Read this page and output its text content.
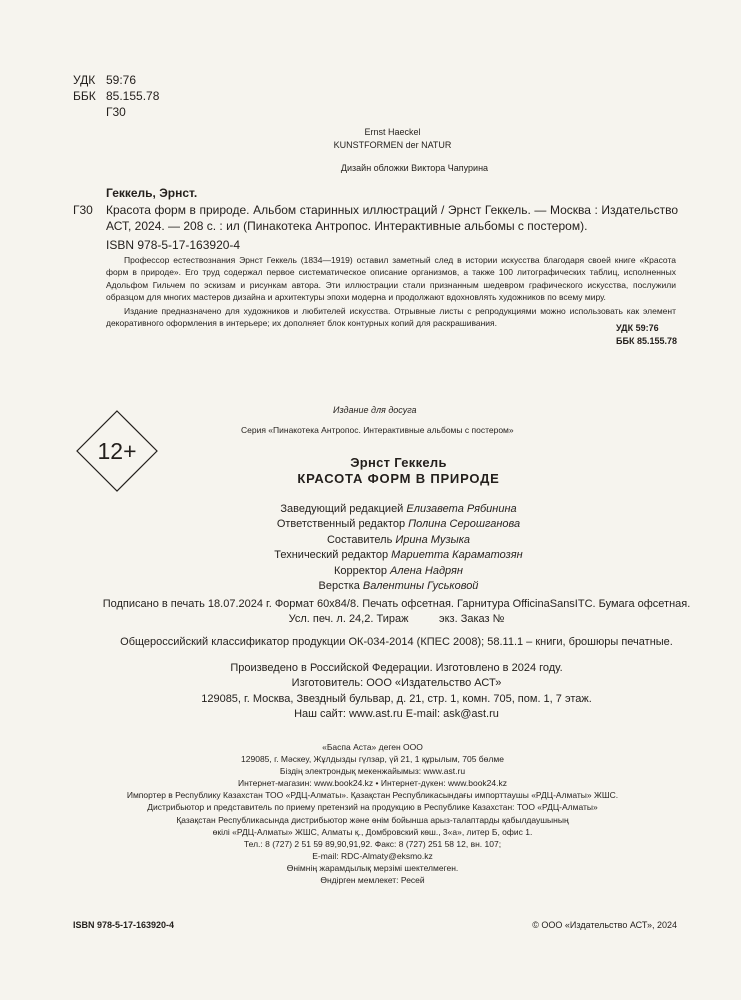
УДК 59:76
ББК 85.155.78
Г30
Ernst Haeckel
KUNSTFORMEN der NATUR
Дизайн обложки Виктора Чапурина
Геккель, Эрнст.
Г30	Красота форм в природе. Альбом старинных иллюстраций / Эрнст Геккель. — Москва : Издательство АСТ, 2024. — 208 с. : ил (Пинакотека Антропос. Интерактивные альбомы с постером).
ISBN 978-5-17-163920-4

Профессор естествознания Эрнст Геккель (1834—1919) оставил заметный след в истории искусства благодаря своей книге «Красота форм в природе». Его труд содержал первое систематическое описание организмов, а также 100 литографических таблиц, исполненных Адольфом Гильчем по эскизам и рисункам автора. Эти иллюстрации стали признанным шедевром графического искусства, послужили образцом для многих мастеров дизайна и архитектуры эпохи модерна и продолжают вдохновлять художников по всему миру.

Издание предназначено для художников и любителей искусства. Отрывные листы с репродукциями можно использовать как элемент декоративного оформления в интерьере; их дополняет блок контурных копий для раскрашивания.	УДК 59:76
ББК 85.155.78
12+
Издание для досуга
Серия «Пинакотека Антропос. Интерактивные альбомы с постером»
Эрнст Геккель
КРАСОТА ФОРМ В ПРИРОДЕ
Заведующий редакцией Елизавета Рябинина
Ответственный редактор Полина Серошганова
Составитель Ирина Музыка
Технический редактор Мариетта Караматозян
Корректор Алена Надрян
Верстка Валентины Гуськовой
Подписано в печать 18.07.2024 г. Формат 60х84/8. Печать офсетная. Гарнитура OfficinaSansITC. Бумага офсетная.
Усл. печ. л. 24,2. Тираж          экз. Заказ №
Общероссийский классификатор продукции ОК-034-2014 (КПЕС 2008); 58.11.1 – книги, брошюры печатные.
Произведено в Российской Федерации. Изготовлено в 2024 году.
Изготовитель: ООО «Издательство АСТ»
129085, г. Москва, Звездный бульвар, д. 21, стр. 1, комн. 705, пом. 1, 7 этаж.
Наш сайт: www.ast.ru E-mail: ask@ast.ru
«Баспа Аста» деген ООО
129085, г. Мәскеу, Жұлдызды гүлзар, үй 21, 1 құрылым, 705 бөлме
Біздің электрондық мекенжайымыз: www.ast.ru
Интернет-магазин: www.book24.kz • Интернет-дүкен: www.book24.kz
Импортер в Республику Казахстан ТОО «РДЦ-Алматы». Қазақстан Республикасындағы импорттаушы «РДЦ-Алматы» ЖШС.
Дистрибьютор и представитель по приему претензий на продукцию в Республике Казахстан: ТОО «РДЦ-Алматы»
Қазақстан Республикасында дистрибьютор және өнім бойынша арыз-талаптарды қабылдаушының
өкілі «РДЦ-Алматы» ЖШС, Алматы қ., Домбровский көш., 3«а», литер Б, офис 1.
Тел.: 8 (727) 2 51 59 89,90,91,92. Факс: 8 (727) 251 58 12, вн. 107;
E-mail: RDC-Almaty@eksmo.kz
Өнімнің жарамдылық мерзімі шектелмеген.
Өндірген мемлекет: Ресей
ISBN 978-5-17-163920-4	© ООО «Издательство АСТ», 2024
